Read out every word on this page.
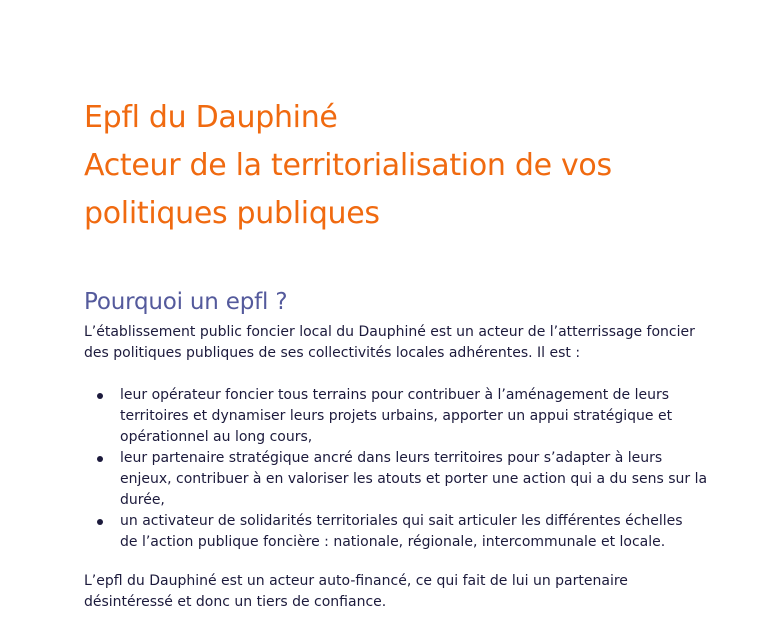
Epfl du Dauphiné
Acteur de la territorialisation de vos
politiques publiques
Pourquoi un epfl ?

L’établissement public foncier local du Dauphiné est un acteur de l’atterrissage foncier
des politiques publiques de ses collectivités locales adhérentes. Il est :

leur opérateur foncier tous terrains pour contribuer à l’aménagement de leurs
territoires et dynamiser leurs projets urbains, apporter un appui stratégique et
opérationnel au long cours,
leur partenaire stratégique ancré dans leurs territoires pour s’adapter à leurs
enjeux, contribuer à en valoriser les atouts et porter une action qui a du sens sur la
durée,
un activateur de solidarités territoriales qui sait articuler les différentes échelles
de l’action publique foncière : nationale, régionale, intercommunale et locale.

L’epfl du Dauphiné est un acteur auto-financé, ce qui fait de lui un partenaire
désintéressé et donc un tiers de confiance.
